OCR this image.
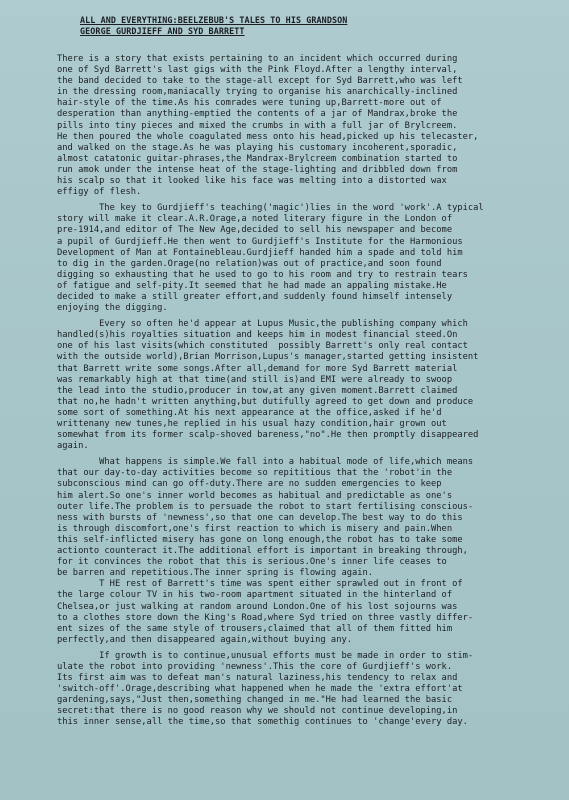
ALL AND EVERYTHING:BEELZEBUB'S TALES TO HIS GRANDSON
GEORGE GURDJIEFF AND SYD BARRETT
There is a story that exists pertaining to an incident which occurred during
one of Syd Barrett's last gigs with the Pink Floyd.After a lengthy interval,
the band decided to take to the stage-all except for Syd Barrett,who was left
in the dressing room,maniacally trying to organise his anarchically-inclined
hair-style of the time.As his comrades were tuning up,Barrett-more out of
desperation than anything-emptied the contents of a jar of Mandrax,broke the
pills into tiny pieces and mixed the crumbs in with a full jar of Brylcreem.
He then poured the whole coagulated mess onto his head,picked up his telecaster,
and walked on the stage.As he was playing his customary incoherent,sporadic,
almost catatonic guitar-phrases,the Mandrax-Brylcreem combination started to
run amok under the intense heat of the stage-lighting and dribbled down from
his scalp so that it looked like his face was melting into a distorted wax
effigy of flesh.
The key to Gurdjieff's teaching('magic')lies in the word 'work'.A typical
story will make it clear.A.R.Orage,a noted literary figure in the London of
pre-1914,and editor of The New Age,decided to sell his newspaper and become
a pupil of Gurdjieff.He then went to Gurdjieff's Institute for the Harmonious
Development of Man at Fontainebleau.Gurdjieff handed him a spade and told him
to dig in the garden.Orage(no relation)was out of practice,and soon found
digging so exhausting that he used to go to his room and try to restrain tears
of fatigue and self-pity.It seemed that he had made an appaling mistake.He
decided to make a still greater effort,and suddenly found himself intensely
enjoying the digging.
Every so often he'd appear at Lupus Music,the publishing company which
handled(s)his royalties situation and keeps him in modest financial steed.On
one of his last visits(which constituted  possibly Barrett's only real contact
with the outside world),Brian Morrison,Lupus's manager,started getting insistent
that Barrett write some songs.After all,demand for more Syd Barrett material
was remarkably high at that time(and still is)and EMI were already to swoop
the lead into the studio,producer in tow,at any given moment.Barrett claimed
that no,he hadn't written anything,but dutifully agreed to get down and produce
some sort of something.At his next appearance at the office,asked if he'd
writtenany new tunes,he replied in his usual hazy condition,hair grown out
somewhat from its former scalp-shoved bareness,"no".He then promptly disappeared
again.
What happens is simple.We fall into a habitual mode of life,which means
that our day-to-day activities become so repititious that the 'robot'in the
subconscious mind can go off-duty.There are no sudden emergencies to keep
him alert.So one's inner world becomes as habitual and predictable as one's
outer life.The problem is to persuade the robot to start fertilising conscious-
ness with bursts of 'newness',so that one can develop.The best way to do this
is through discomfort,one's first reaction to which is misery and pain.When
this self-inflicted misery has gone on long enough,the robot has to take some
actionto counteract it.The additional effort is important in breaking through,
for it convinces the robot that this is serious.One's inner life ceases to
be barren and repetitious.The inner spring is flowing again.
T HE rest of Barrett's time was spent either sprawled out in front of
the large colour TV in his two-room apartment situated in the hinterland of
Chelsea,or just walking at random around London.One of his lost sojourns was
to a clothes store down the King's Road,where Syd tried on three vastly differ-
ent sizes of the same style of trousers,claimed that all of them fitted him
perfectly,and then disappeared again,without buying any.
If growth is to continue,unusual efforts must be made in order to stim-
ulate the robot into providing 'newness'.This the core of Gurdjieff's work.
Its first aim was to defeat man's natural laziness,his tendency to relax and
'switch-off'.Orage,describing what happened when he made the 'extra effort'at
gardening,says,"Just then,something changed in me."He had learned the basic
secret:that there is no good reason why we should not continue developing,in
this inner sense,all the time,so that somethig continues to 'change'every day.
